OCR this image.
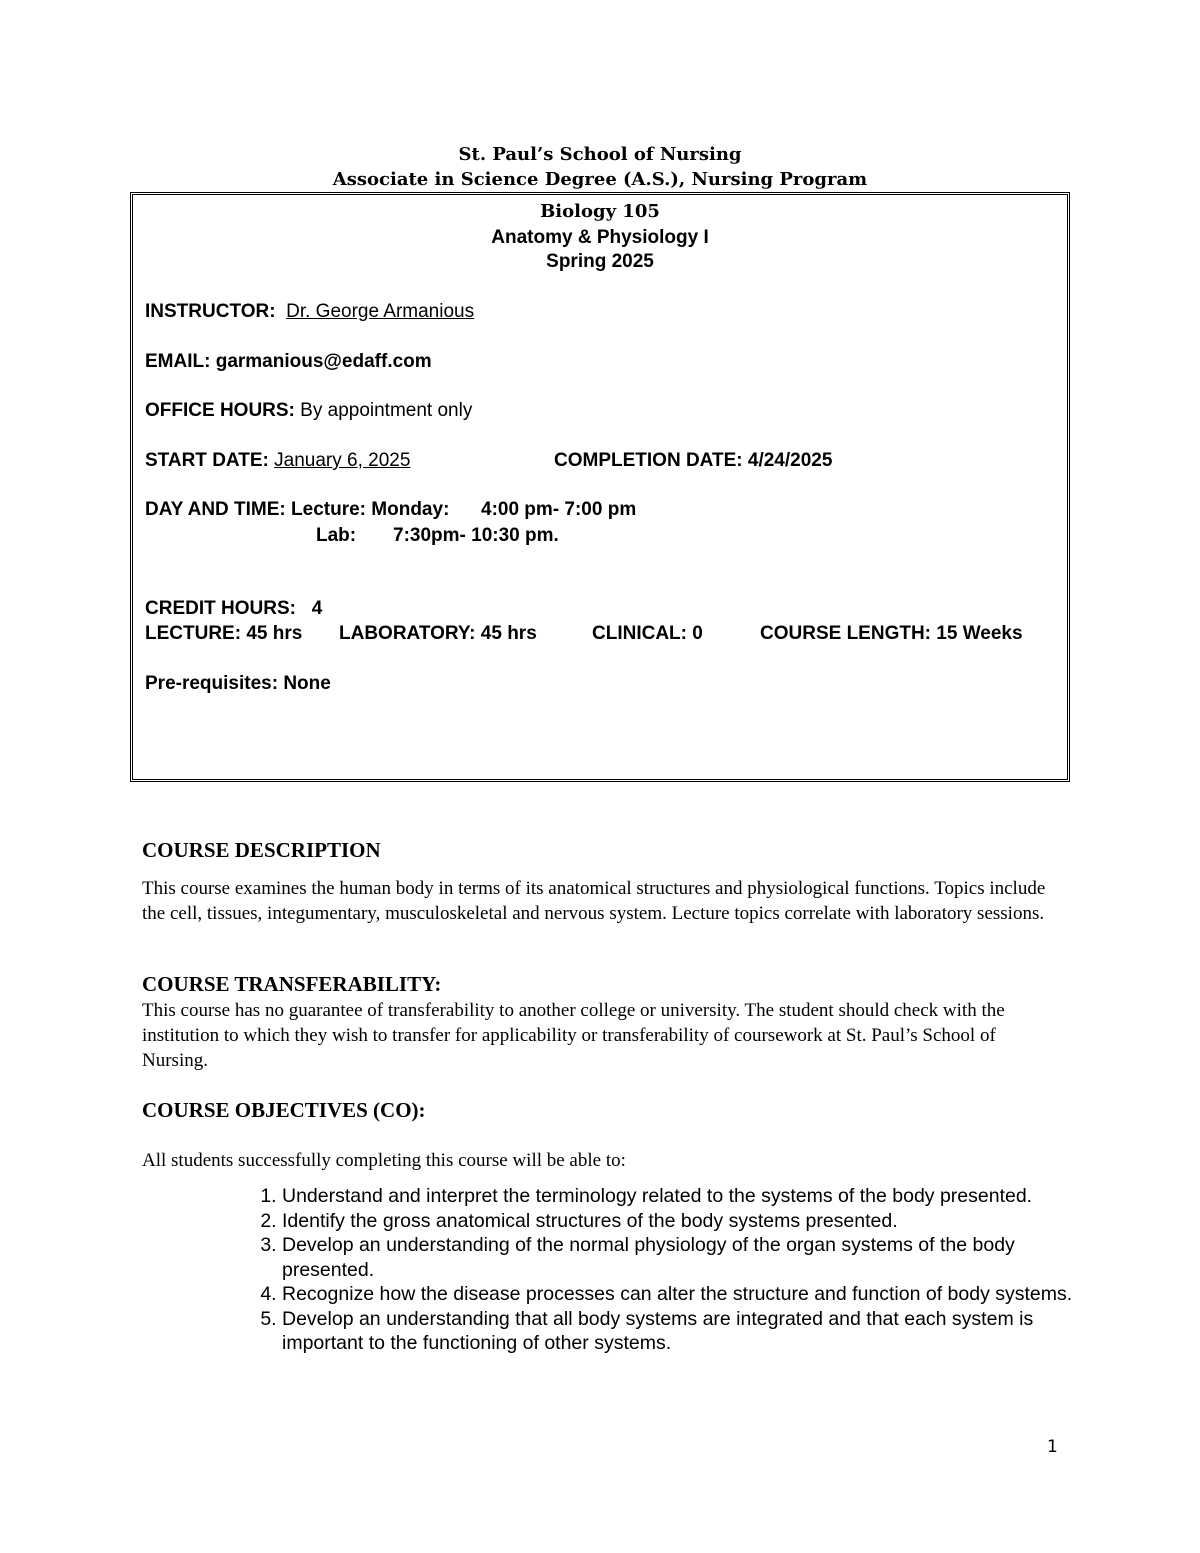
St. Paul’s School of Nursing
Associate in Science Degree (A.S.), Nursing Program
Biology 105
Anatomy & Physiology I
Spring 2025
INSTRUCTOR: Dr. George Armanious
EMAIL: garmanious@edaff.com
OFFICE HOURS: By appointment only
START DATE: January 6, 2025	COMPLETION DATE: 4/24/2025
DAY AND TIME: Lecture: Monday: 4:00 pm- 7:00 pm
Lab: 7:30pm- 10:30 pm.
CREDIT HOURS:   4
LECTURE: 45 hrs LABORATORY: 45 hrs	CLINICAL: 0	COURSE LENGTH: 15 Weeks
Pre-requisites: None
COURSE DESCRIPTION
This course examines the human body in terms of its anatomical structures and physiological functions. Topics include the cell, tissues, integumentary, musculoskeletal and nervous system. Lecture topics correlate with laboratory sessions.
COURSE TRANSFERABILITY:
This course has no guarantee of transferability to another college or university. The student should check with the institution to which they wish to transfer for applicability or transferability of coursework at St. Paul’s School of Nursing.
COURSE OBJECTIVES (CO):
All students successfully completing this course will be able to:
1. Understand and interpret the terminology related to the systems of the body presented.
2. Identify the gross anatomical structures of the body systems presented.
3. Develop an understanding of the normal physiology of the organ systems of the body presented.
4. Recognize how the disease processes can alter the structure and function of body systems.
5. Develop an understanding that all body systems are integrated and that each system is important to the functioning of other systems.
1
